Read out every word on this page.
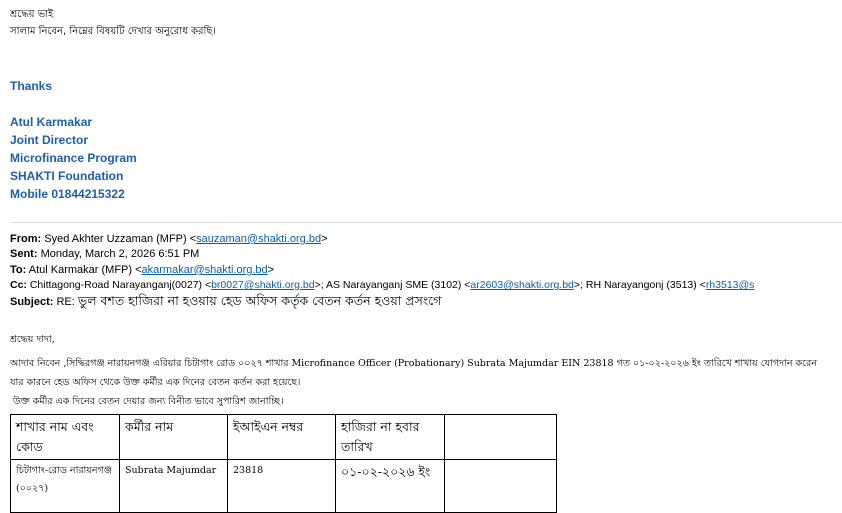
শ্রদ্ধেয় ভাই
সালাম নিবেন, নিম্নের বিষয়টি দেখার অনুরোধ করছি।
Thanks
Atul Karmakar
Joint Director
Microfinance Program
SHAKTI Foundation
Mobile 01844215322
From: Syed Akhter Uzzaman (MFP) <sauzaman@shakti.org.bd>
Sent: Monday, March 2, 2026 6:51 PM
To: Atul Karmakar (MFP) <akarmakar@shakti.org.bd>
Cc: Chittagong-Road Narayanganj(0027) <br0027@shakti.org.bd>; AS Narayanganj SME (3102) <ar2603@shakti.org.bd>; RH Narayangonj (3513) <rh3513@s
Subject: RE: ভুল বশত হাজিরা না হওয়ায় হেড অফিস কর্তৃক বেতন কর্তন হওয়া প্রসংগে
শ্রদ্ধেয় দাদা,
আদাব নিবেন ,সিদ্ধিরগঞ্জ নারায়নগঞ্জ এরিয়ার চিটাগাং রোড ০০২৭ শাখার Microfinance Officer (Probationary) Subrata Majumdar EIN 23818 গত ০১-০২-২০২৬ ইং তারিখে শাখায় যোগদান করেন
যার কারনে হেড অফিস থেকে উক্ত কর্মীর এক দিনের বেতন কর্তন করা হয়েছে।
উক্ত কর্মীর এক দিনের বেতন দেয়ার জন্য বিনীত ভাবে সুপারিশ জানাচ্ছি।
শাখার নাম এবং কোড	কর্মীর নাম	ইআইএন নম্বর	হাজিরা না হবার তারিখ	

চিটাগাং-রোড নারায়নগঞ্জ (০০২৭)	Subrata Majumdar	23818	০১-০২-২০২৬ ইং	
